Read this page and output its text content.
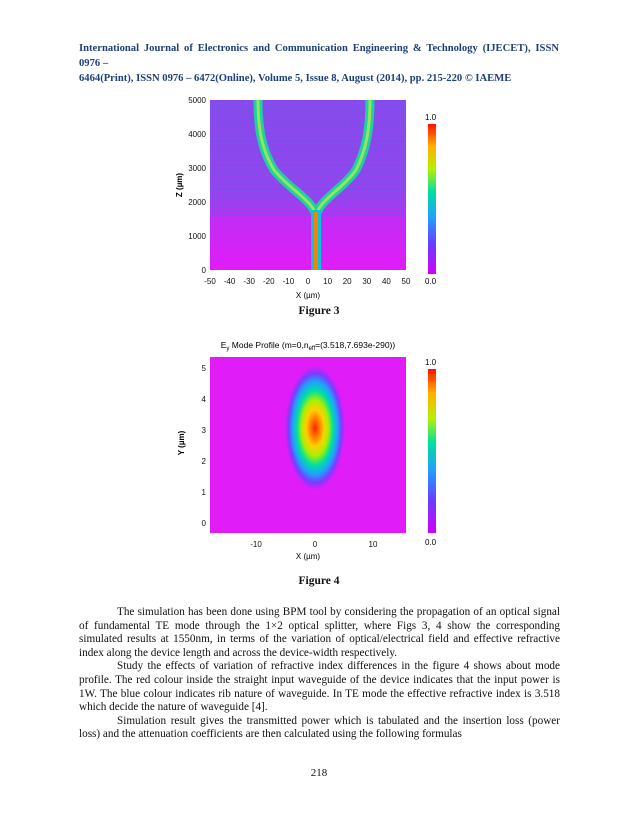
International Journal of Electronics and Communication Engineering & Technology (IJECET), ISSN 0976 –
6464(Print), ISSN 0976 – 6472(Online), Volume 5, Issue 8, August (2014), pp. 215-220 © IAEME
0
1000
2000
3000
4000
5000
-50 -40 -30 -20 -10 0 10 20 30 40 50
Z (µm)
X (µm)
1.0
0.0
Figure 3
$E_y$ Mode Profile $(m=0,n_{eff}=(3.518,7.693e-290))$
0
1
2
3
4
5
-10	0	10
Y (µm)
X (µm)
1.0
0.0
Figure 4

The simulation has been done using BPM tool by considering the propagation of an optical signal of fundamental TE mode through the 1×2 optical splitter, where Figs 3, 4 show the corresponding simulated results at 1550nm, in terms of the variation of optical/electrical field and effective refractive index along the device length and across the device-width respectively.

Study the effects of variation of refractive index differences in the figure 4 shows about mode profile. The red colour inside the straight input waveguide of the device indicates that the input power is 1W. The blue colour indicates rib nature of waveguide. In TE mode the effective refractive index is 3.518 which decide the nature of waveguide [4].

Simulation result gives the transmitted power which is tabulated and the insertion loss (power loss) and the attenuation coefficients are then calculated using the following formulas

218
